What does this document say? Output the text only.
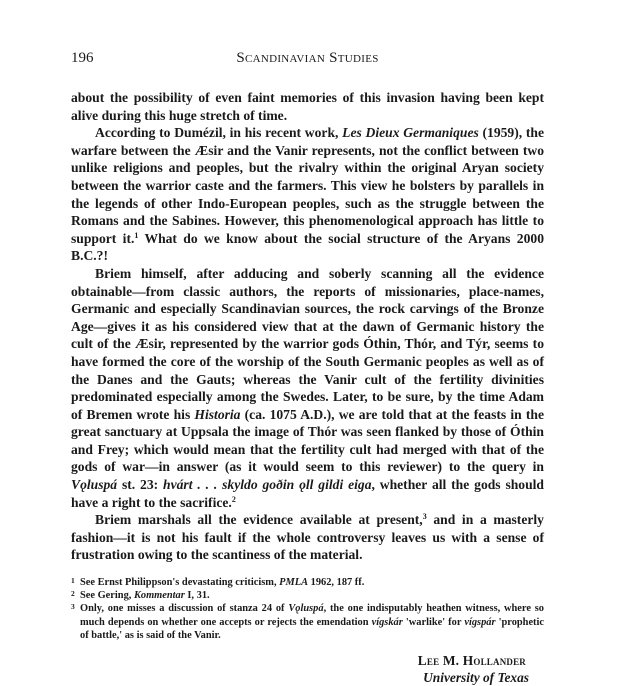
196	Scandinavian Studies

about the possibility of even faint memories of this invasion having been kept alive during this huge stretch of time.

According to Dumézil, in his recent work, Les Dieux Germaniques (1959), the warfare between the Æsir and the Vanir represents, not the conflict between two unlike religions and peoples, but the rivalry within the original Aryan society between the warrior caste and the farmers. This view he bolsters by parallels in the legends of other Indo-European peoples, such as the struggle between the Romans and the Sabines. However, this phenomenological approach has little to support it.$^1$ What do we know about the social structure of the Aryans 2000 B.C.?!

Briem himself, after adducing and soberly scanning all the evidence obtainable—from classic authors, the reports of missionaries, place-names, Germanic and especially Scandinavian sources, the rock carvings of the Bronze Age—gives it as his considered view that at the dawn of Germanic history the cult of the Æsir, represented by the warrior gods Óthin, Thór, and Týr, seems to have formed the core of the worship of the South Germanic peoples as well as of the Danes and the Gauts; whereas the Vanir cult of the fertility divinities predominated especially among the Swedes. Later, to be sure, by the time Adam of Bremen wrote his Historia (ca. 1075 A.D.), we are told that at the feasts in the great sanctuary at Uppsala the image of Thór was seen flanked by those of Óthin and Frey; which would mean that the fertility cult had merged with that of the gods of war—in answer (as it would seem to this reviewer) to the query in Vǫluspá st. 23: hvárt . . . skyldo goðin ǫll gildi eiga, whether all the gods should have a right to the sacrifice.$^2$

Briem marshals all the evidence available at present,$^3$ and in a masterly fashion—it is not his fault if the whole controversy leaves us with a sense of frustration owing to the scantiness of the material.

1 See Ernst Philippson's devastating criticism, PMLA 1962, 187 ff.
2 See Gering, Kommentar I, 31.
3 Only, one misses a discussion of stanza 24 of Vǫluspá, the one indisputably heathen witness, where so much depends on whether one accepts or rejects the emendation vígskár 'warlike' for vígspár 'prophetic of battle,' as is said of the Vanir.
Lee M. Hollander
University of Texas
